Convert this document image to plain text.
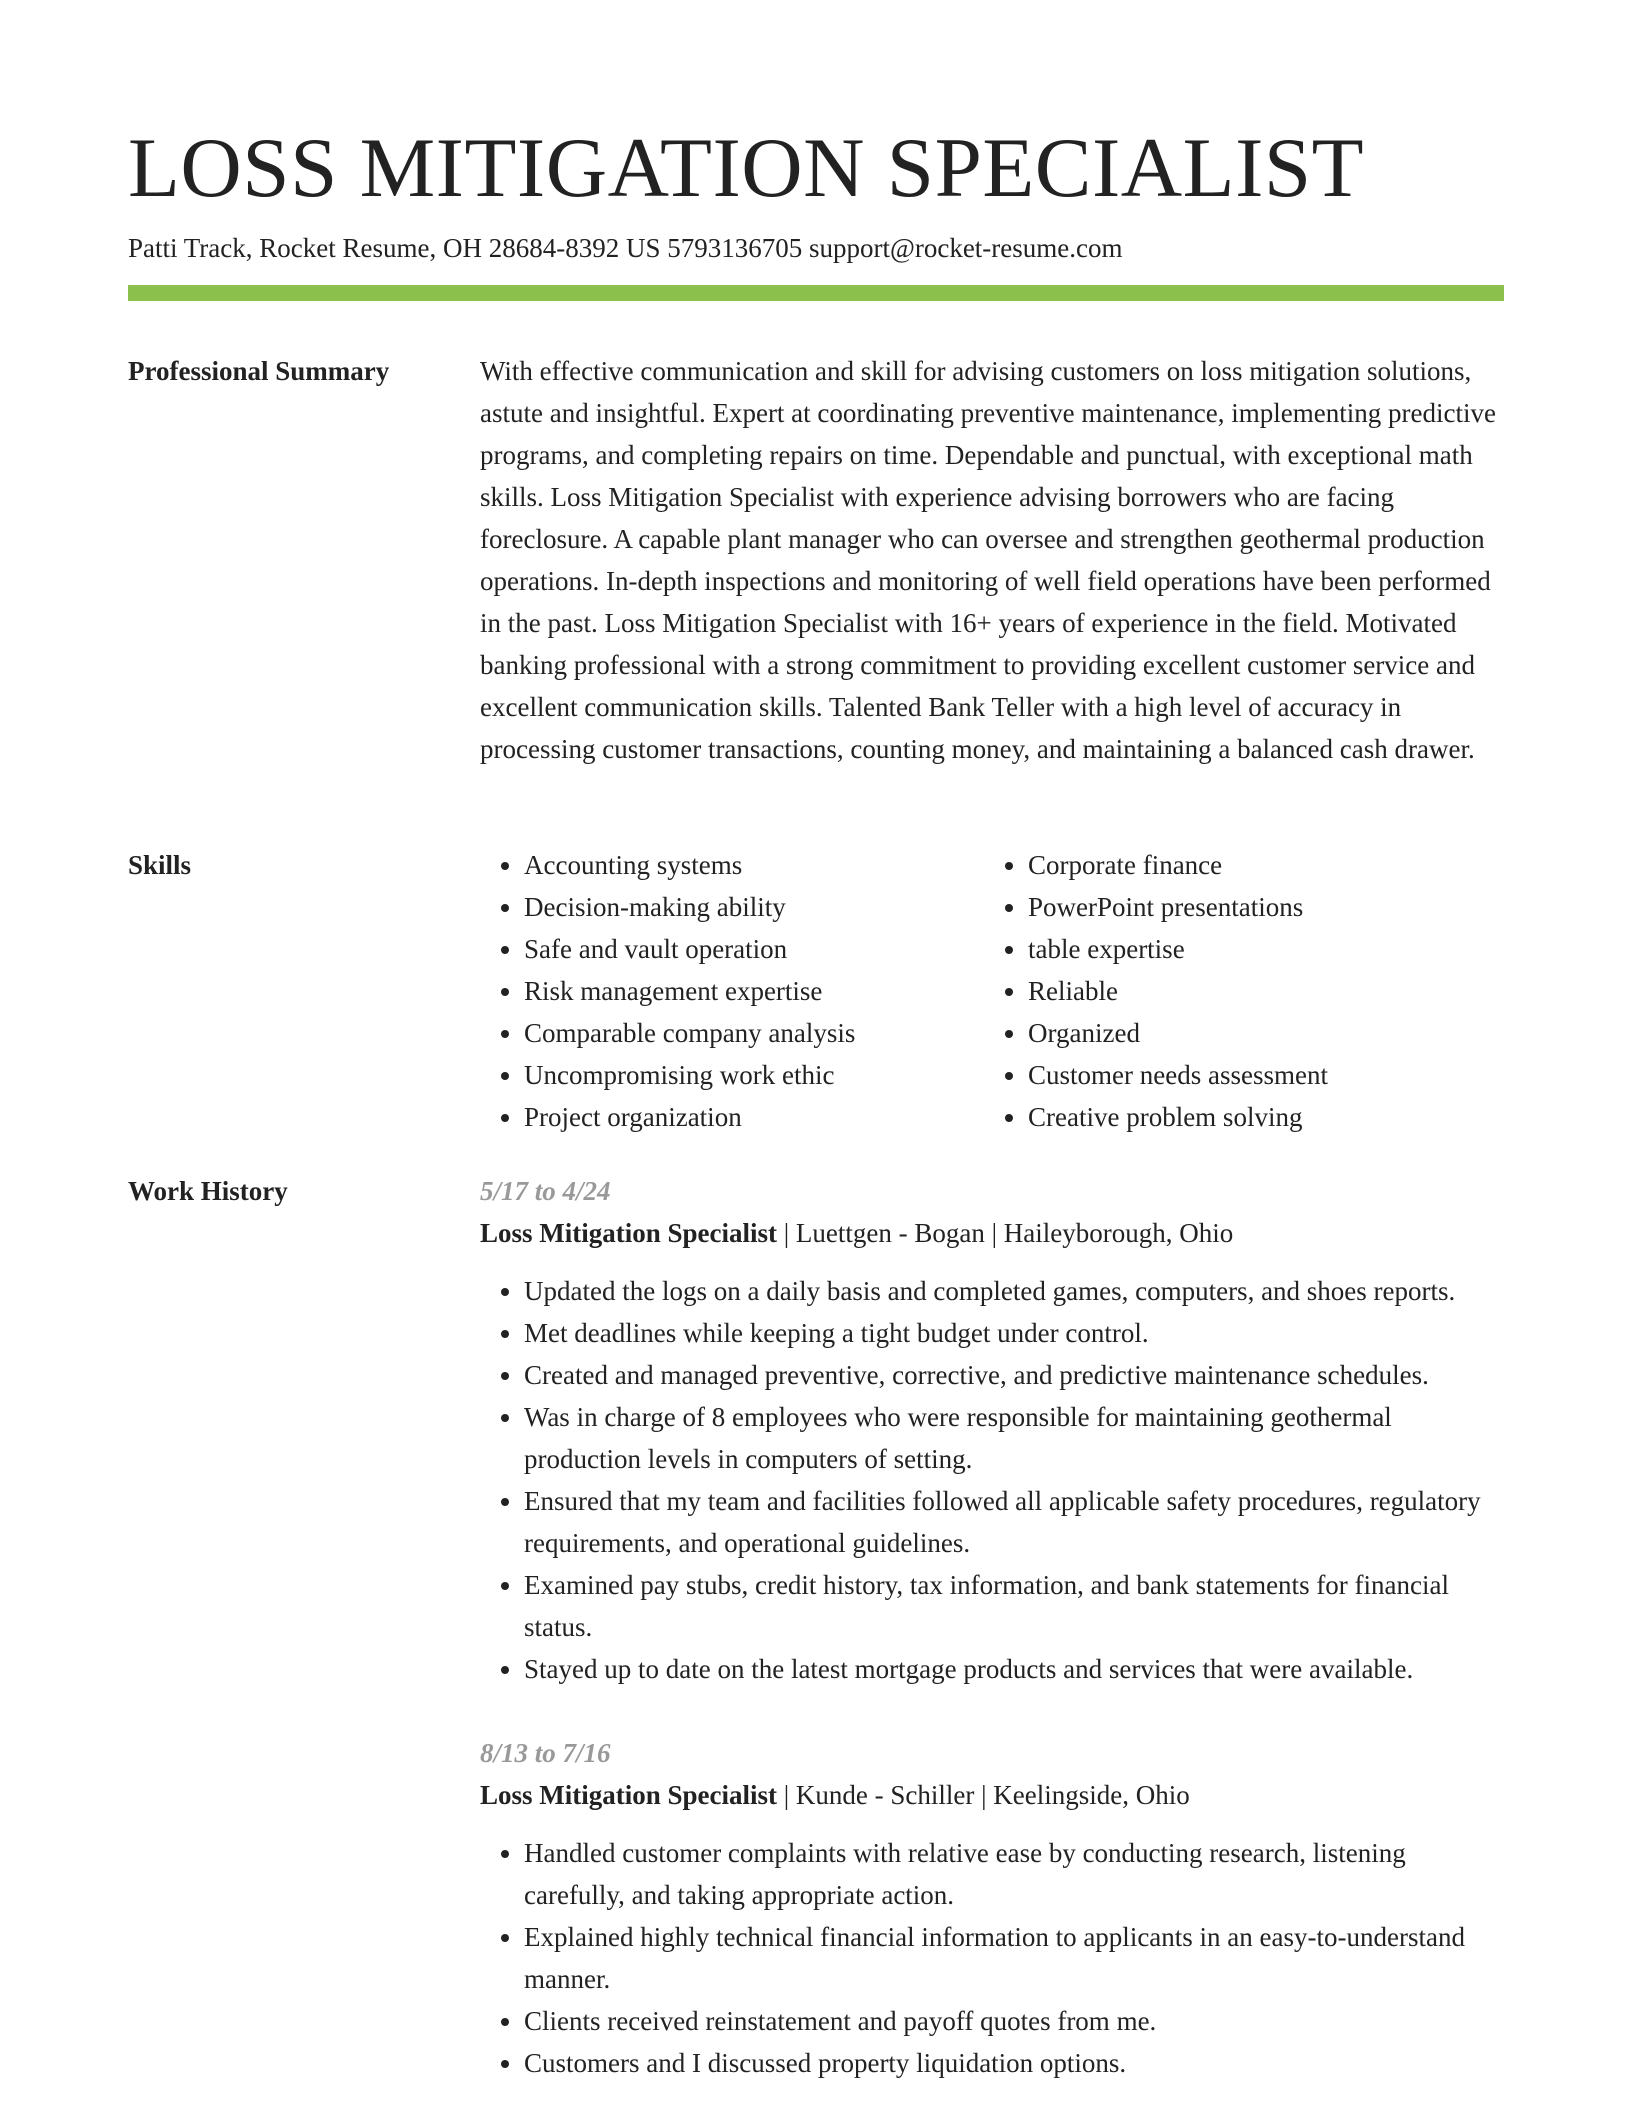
LOSS MITIGATION SPECIALIST
Patti Track, Rocket Resume, OH 28684-8392 US 5793136705 support@rocket-resume.com
Professional Summary	With effective communication and skill for advising customers on loss mitigation solutions, astute and insightful. Expert at coordinating preventive maintenance, implementing predictive programs, and completing repairs on time. Dependable and punctual, with exceptional math skills. Loss Mitigation Specialist with experience advising borrowers who are facing foreclosure. A capable plant manager who can oversee and strengthen geothermal production operations. In-depth inspections and monitoring of well field operations have been performed in the past. Loss Mitigation Specialist with 16+ years of experience in the field. Motivated banking professional with a strong commitment to providing excellent customer service and excellent communication skills. Talented Bank Teller with a high level of accuracy in processing customer transactions, counting money, and maintaining a balanced cash drawer.

Skills
•	Accounting systems
• Decision-making ability
• Safe and vault operation
• Risk management expertise
• Comparable company analysis
• Uncompromising work ethic
• Project organization
• Corporate finance
• PowerPoint presentations
• table expertise
• Reliable
• Organized
• Customer needs assessment
• Creative problem solving
Work History	5/17 to 4/24
Loss Mitigation Specialist | Luettgen - Bogan | Haileyborough, Ohio
• Updated the logs on a daily basis and completed games, computers, and shoes reports.
• Met deadlines while keeping a tight budget under control.
• Created and managed preventive, corrective, and predictive maintenance schedules.
• Was in charge of 8 employees who were responsible for maintaining geothermal production levels in computers of setting.
• Ensured that my team and facilities followed all applicable safety procedures, regulatory requirements, and operational guidelines.
• Examined pay stubs, credit history, tax information, and bank statements for financial status.
• Stayed up to date on the latest mortgage products and services that were available.
8/13 to 7/16
Loss Mitigation Specialist | Kunde - Schiller | Keelingside, Ohio
• Handled customer complaints with relative ease by conducting research, listening carefully, and taking appropriate action.
• Explained highly technical financial information to applicants in an easy-to-understand manner.
• Clients received reinstatement and payoff quotes from me.
• Customers and I discussed property liquidation options.
